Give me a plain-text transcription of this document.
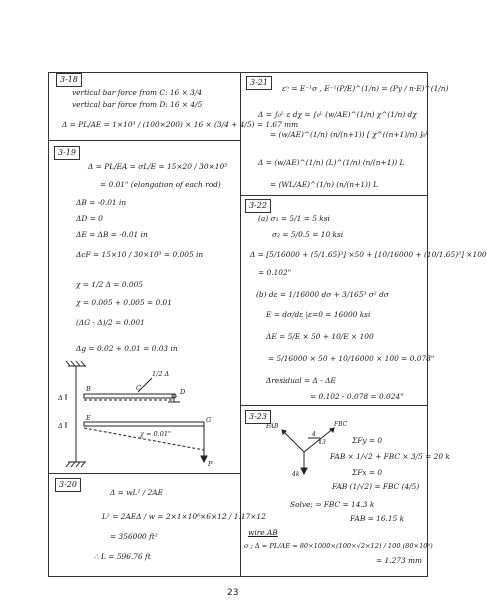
3-18
vertical bar force from C: 16 × 3/4
vertical bar force from D: 16 × 4/5
Δ = PL/AE = 1×10³ / (100×200) × 16 × (3/4 + 4/5) = 1.67 mm
3-19
Δ = PL/EA = σL/E = 15×20 / 30×10³
= 0.01" (elongation of each rod)
ΔB = -0.01 in
ΔD = 0
ΔE = ΔB = -0.01 in
ΔcF = 15×10 / 30×10³ = 0.005 in
χ = 1/2 Δ = 0.005
χ = 0.005 + 0.005 = 0.01
(ΔG - Δ)/2 = 0.001
Δg = 0.02 + 0.01 = 0.03 in
B	C	D
E	G
P
1/2 Δ
Δ
Δ
χ = 0.01"
3-20
Δ = wL² / 2AE
L² = 2AEΔ / w = 2×1×10⁶×6×12 / 1.17×12
= 356000 ft²
∴ L = 596.76 ft
3-21
εⁿ = E⁻¹σ , E⁻¹(P/E)^(1/n) = (Py / n·E)^(1/n)
Δ = ∫₀ᴸ ε dχ = ∫₀ᴸ (w/AE)^(1/n) χ^(1/n) dχ
= (w/AE)^(1/n) (n/(n+1)) [ χ^((n+1)/n) ]₀ᴸ
Δ = (w/AE)^(1/n) (L)^(1/n) (n/(n+1)) L
= (WL/AE)^(1/n) (n/(n+1)) L
3-22
(a) σ₁ = 5/1 = 5 ksi
σ₂ = 5/0.5 = 10 ksi
Δ = [5/16000 + (5/1.65)³] ×50 + [10/16000 + (10/1.65)³] ×100
= 0.102"
(b) dε = 1/16000 dσ + 3/165³ σ² dσ
E = dσ/dε |ε=0 = 16000 ksi
ΔE = 5/E × 50 + 10/E × 100
= 5/16000 × 50 + 10/16000 × 100 = 0.078"
Δresidual = Δ - ΔE
= 0.102 - 0.078 = 0.024"
3-23
FAB	FBC
4
3
4k
ΣFy = 0
FAB × 1/√2 + FBC × 3/5 = 20 k
ΣFx = 0
FAB (1/√2) = FBC (4/5)
Solve: ⇒ FBC = 14.3 k
FAB = 16.15 k
wire AB
σ ; Δ = PL/AE = 80×1000×(100×√2×12) / 100 (80×10⁶)
= 1.273 mm
23
